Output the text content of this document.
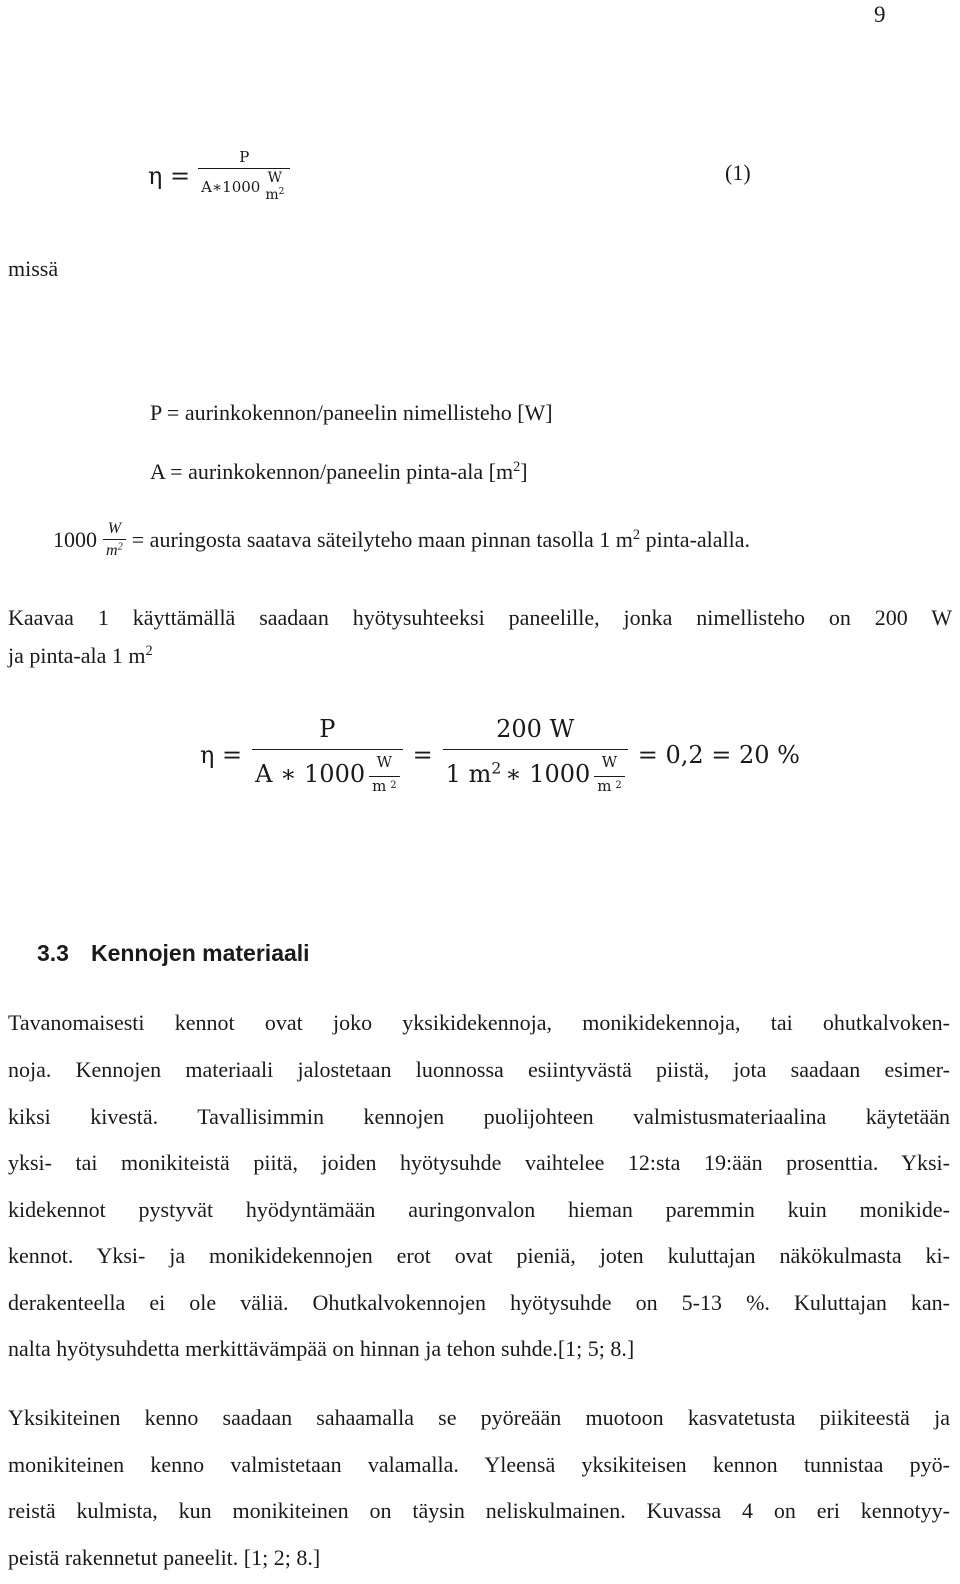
9
η = P
A∗1000 W
$m^2$	(1)
missä
P = aurinkokennon/paneelin nimellisteho [W]
A = aurinkokennon/paneelin pinta-ala $[m^2]$
$1000 \frac{W}{m^2}$ = auringosta saatava säteilyteho maan pinnan tasolla 1 $m^2$ pinta-alalla.
Kaavaa 1 käyttämällä saadaan hyötysuhteeksi paneelille, jonka nimellisteho on 200 W
ja pinta-ala 1 $m^2$
$\eta = \frac{P}{A ∗ 1000 \frac{W}{m 2}} = \frac{200 W}{1 m^2 ∗ 1000 \frac{W}{m 2}} = 0,2 = 20$ %
3.3 Kennojen materiaali
Tavanomaisesti kennot ovat joko yksikidekennoja, monikidekennoja, tai ohutkalvoken-
noja. Kennojen materiaali jalostetaan luonnossa esiintyvästä piistä, jota saadaan esimer-
kiksi kivestä. Tavallisimmin kennojen puolijohteen valmistusmateriaalina käytetään
yksi- tai monikiteistä piitä, joiden hyötysuhde vaihtelee 12:sta 19:ään prosenttia. Yksi-
kidekennot pystyvät hyödyntämään auringonvalon hieman paremmin kuin monikide-
kennot. Yksi- ja monikidekennojen erot ovat pieniä, joten kuluttajan näkökulmasta ki-
derakenteella ei ole väliä. Ohutkalvokennojen hyötysuhde on 5-13 %. Kuluttajan kan-
nalta hyötysuhdetta merkittävämpää on hinnan ja tehon suhde.[1; 5; 8.]
Yksikiteinen kenno saadaan sahaamalla se pyöreään muotoon kasvatetusta piikiteestä ja
monikiteinen kenno valmistetaan valamalla. Yleensä yksikiteisen kennon tunnistaa pyö-
reistä kulmista, kun monikiteinen on täysin neliskulmainen. Kuvassa 4 on eri kennotyy-
peistä rakennetut paneelit. [1; 2; 8.]
